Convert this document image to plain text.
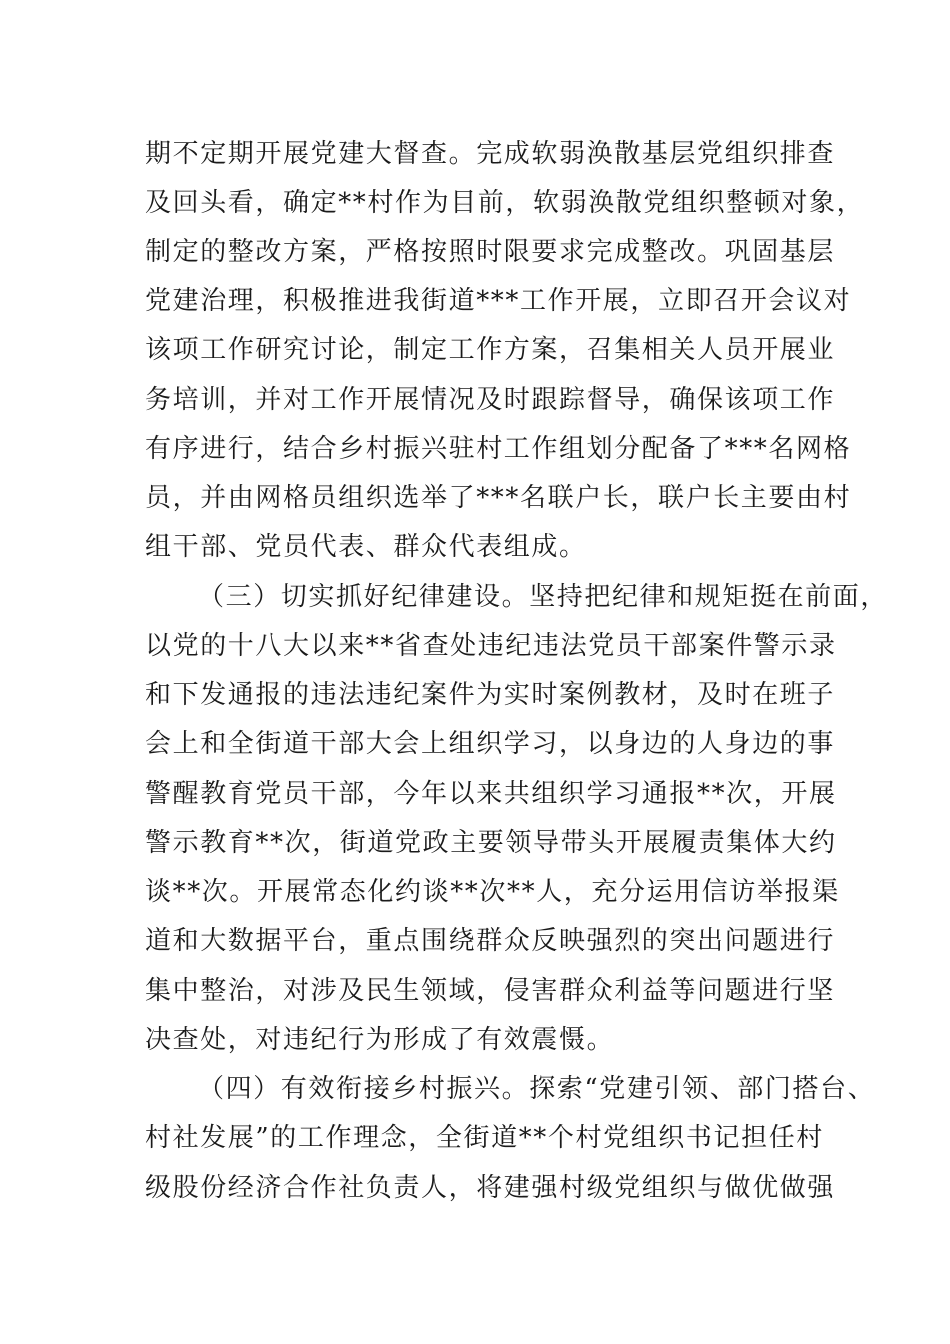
期不定期开展党建大督查。完成软弱涣散基层党组织排查
及回头看，确定**村作为目前，软弱涣散党组织整顿对象，
制定的整改方案，严格按照时限要求完成整改。巩固基层
党建治理，积极推进我街道***工作开展，立即召开会议对
该项工作研究讨论，制定工作方案，召集相关人员开展业
务培训，并对工作开展情况及时跟踪督导，确保该项工作
有序进行，结合乡村振兴驻村工作组划分配备了***名网格
员，并由网格员组织选举了***名联户长，联户长主要由村
组干部、党员代表、群众代表组成。
（三）切实抓好纪律建设。坚持把纪律和规矩挺在前面，
以党的十八大以来**省查处违纪违法党员干部案件警示录
和下发通报的违法违纪案件为实时案例教材，及时在班子
会上和全街道干部大会上组织学习，以身边的人身边的事
警醒教育党员干部，今年以来共组织学习通报**次，开展
警示教育**次，街道党政主要领导带头开展履责集体大约
谈**次。开展常态化约谈**次**人，充分运用信访举报渠
道和大数据平台，重点围绕群众反映强烈的突出问题进行
集中整治，对涉及民生领域，侵害群众利益等问题进行坚
决查处，对违纪行为形成了有效震慑。
（四）有效衔接乡村振兴。探索“党建引领、部门搭台、
村社发展”的工作理念，全街道**个村党组织书记担任村
级股份经济合作社负责人，将建强村级党组织与做优做强
